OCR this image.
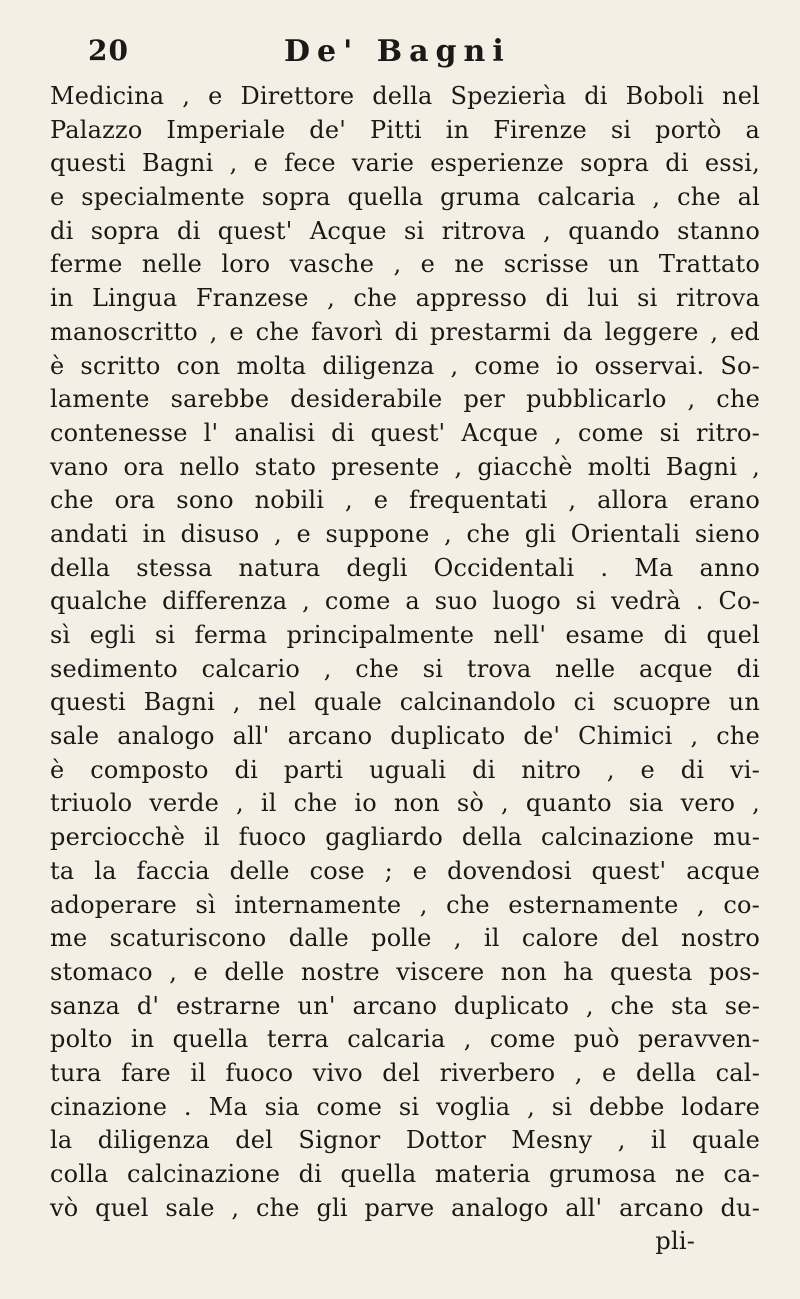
20	De' Bagni
Medicina , e Direttore della Spezierìa di Boboli nel
Palazzo Imperiale de' Pitti in Firenze si portò a
questi Bagni , e fece varie esperienze sopra di essi,
e specialmente sopra quella gruma calcaria , che al
di sopra di quest' Acque si ritrova , quando stanno
ferme nelle loro vasche , e ne scrisse un Trattato
in Lingua Franzese , che appresso di lui si ritrova
manoscritto , e che favorì di prestarmi da leggere , ed
è scritto con molta diligenza , come io osservai. So-
lamente sarebbe desiderabile per pubblicarlo , che
contenesse l' analisi di quest' Acque , come si ritro-
vano ora nello stato presente , giacchè molti Bagni ,
che ora sono nobili , e frequentati , allora erano
andati in disuso , e suppone , che gli Orientali sieno
della stessa natura degli Occidentali . Ma anno
qualche differenza , come a suo luogo si vedrà . Co-
sì egli si ferma principalmente nell' esame di quel
sedimento calcario , che si trova nelle acque di
questi Bagni , nel quale calcinandolo ci scuopre un
sale analogo all' arcano duplicato de' Chimici , che
è composto di parti uguali di nitro , e di vi-
triuolo verde , il che io non sò , quanto sia vero ,
perciocchè il fuoco gagliardo della calcinazione mu-
ta la faccia delle cose ; e dovendosi quest' acque
adoperare sì internamente , che esternamente , co-
me scaturiscono dalle polle , il calore del nostro
stomaco , e delle nostre viscere non ha questa pos-
sanza d' estrarne un' arcano duplicato , che sta se-
polto in quella terra calcaria , come può peravven-
tura fare il fuoco vivo del riverbero , e della cal-
cinazione . Ma sia come si voglia , si debbe lodare
la diligenza del Signor Dottor Mesny , il quale
colla calcinazione di quella materia grumosa ne ca-
vò quel sale , che gli parve analogo all' arcano du-
pli-
